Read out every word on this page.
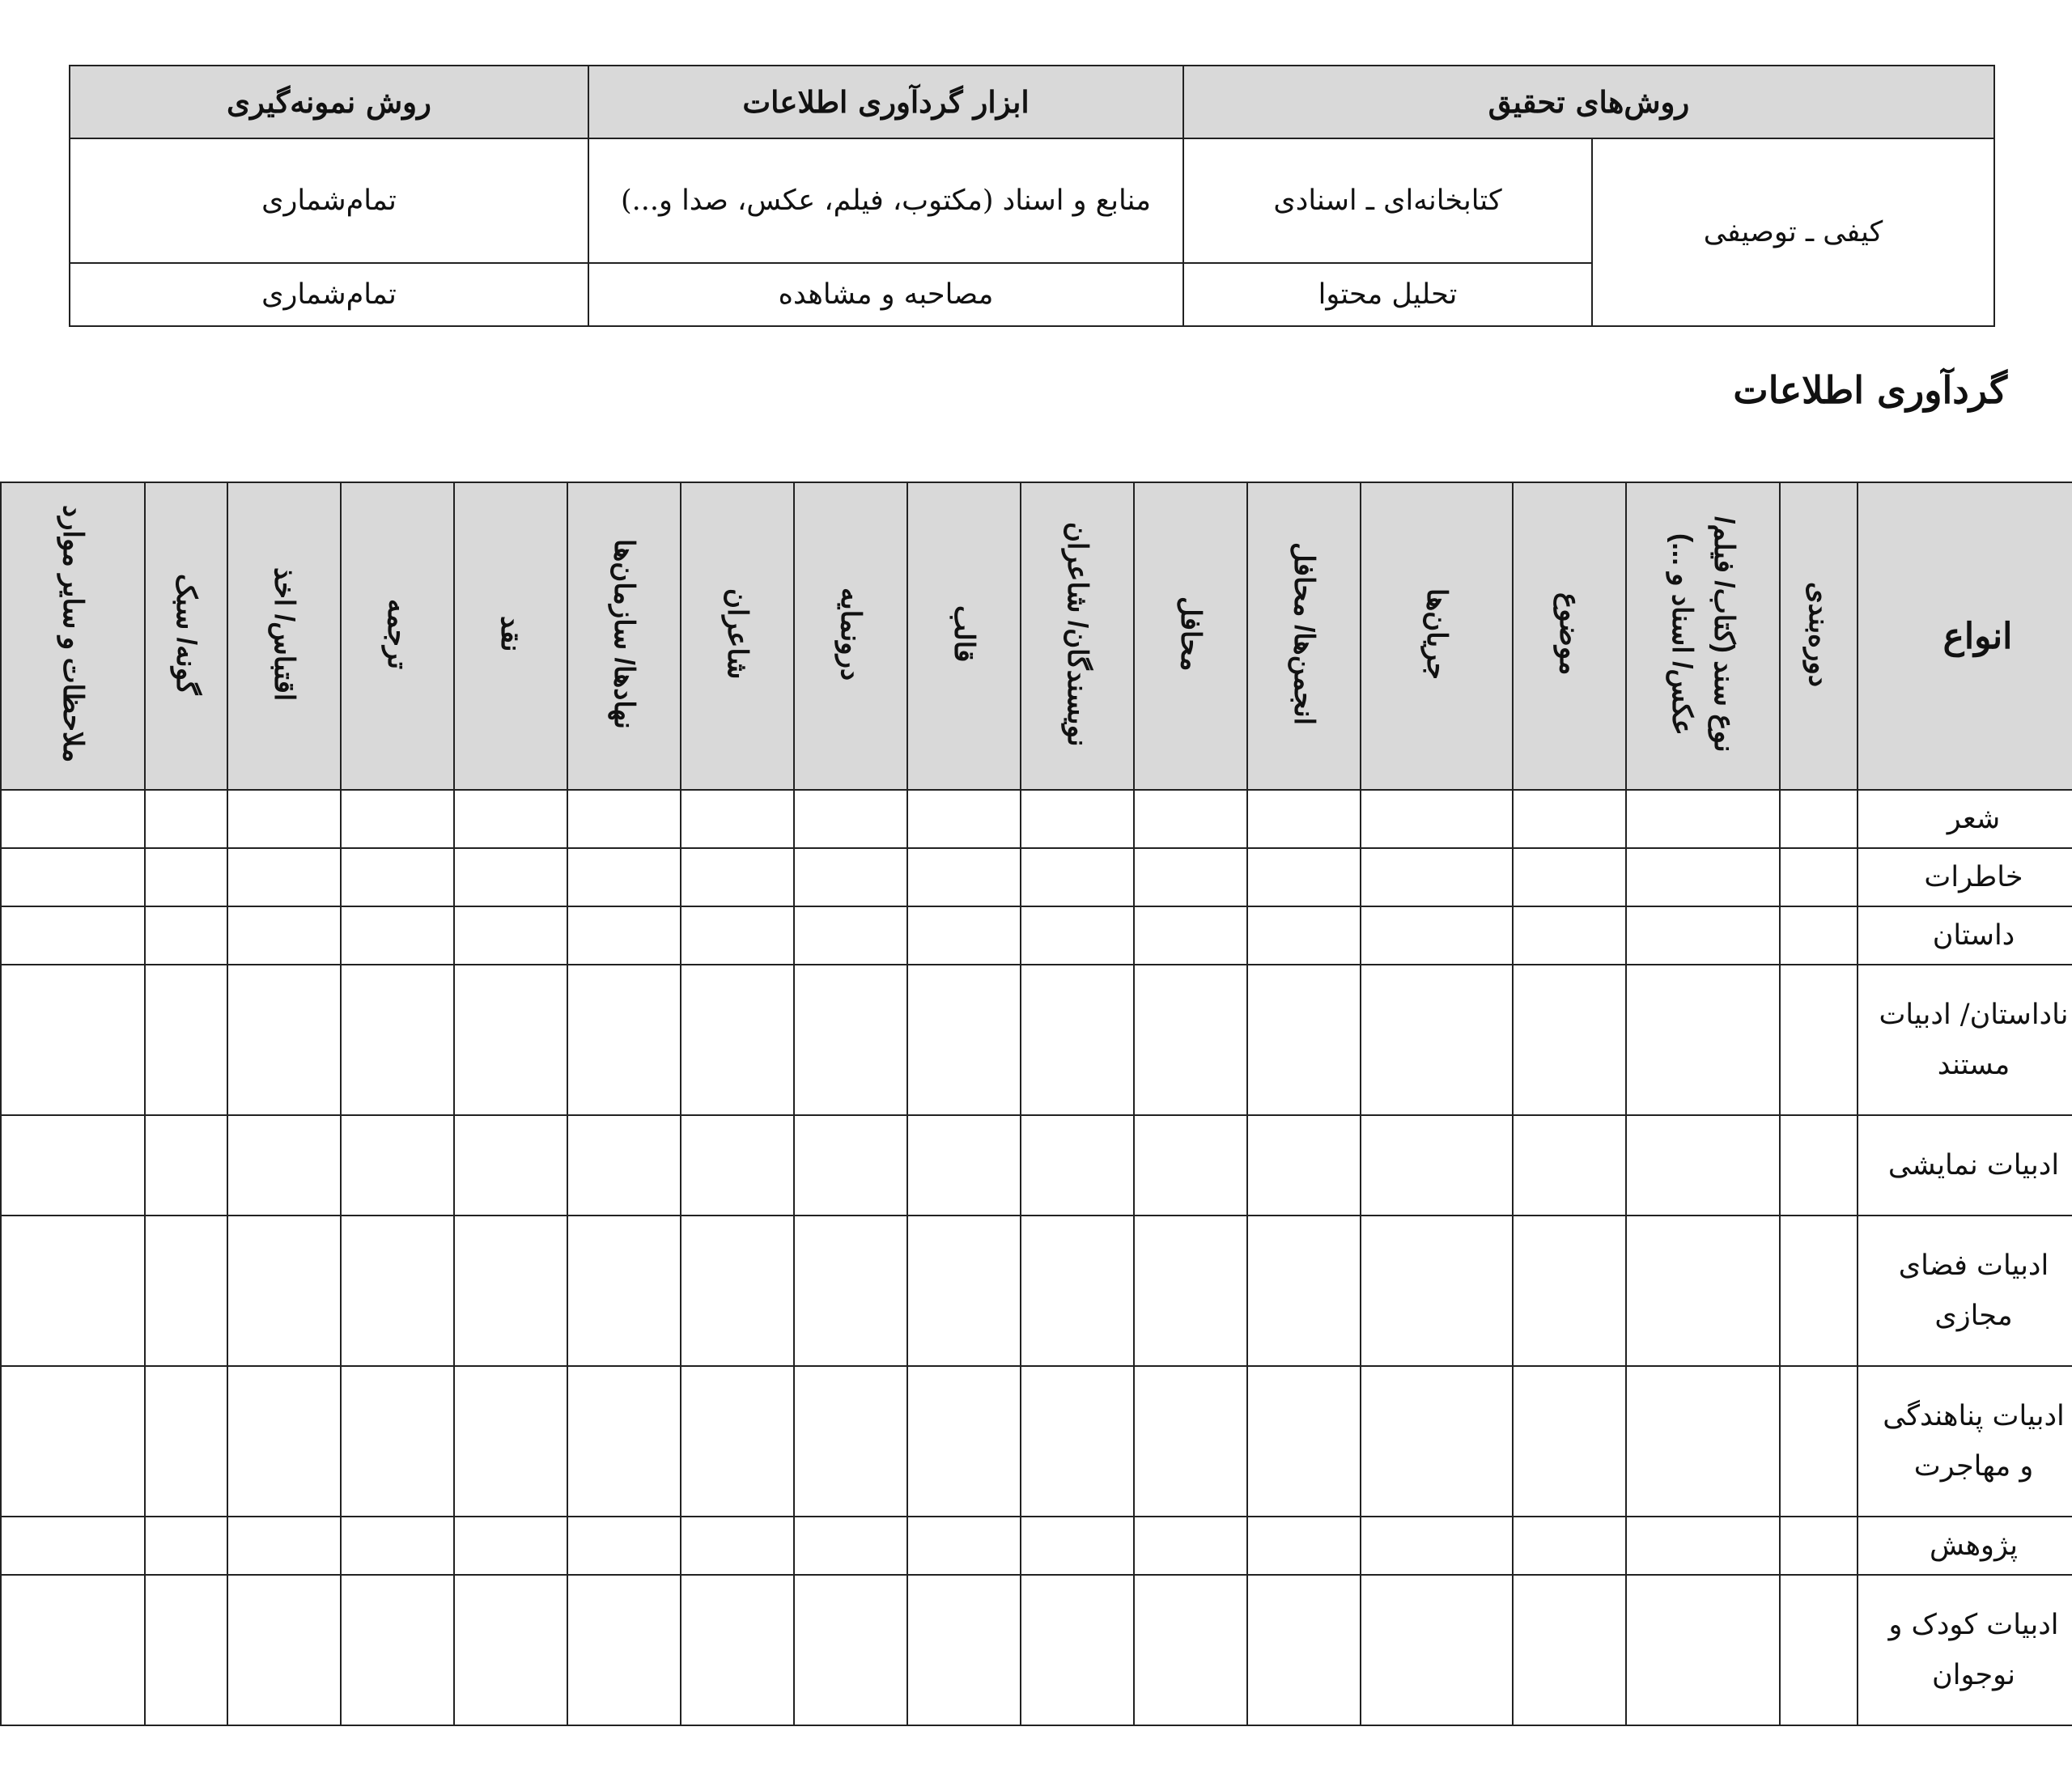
روش‌های تحقیق		ابزار گردآوری اطلاعات	روش نمونه‌گیری
کیفی ـ توصیفی	کتابخانه‌ای ـ اسنادی	منابع و اسناد (مکتوب، فیلم، عکس، صدا و...)	تمام‌شماری
	تحلیل محتوا	مصاحبه و مشاهده	تمام‌شماری
گردآوری اطلاعات
انواع	دوره‌بندی	نوع سند (کتاب/ فیلم/ عکس/ اسناد و ...)	موضوع	جریان‌ها	انجمن‌ها/ محافل	محافل	نویسندگان/ شاعران	قالب	درونمایه	شاعران	نهادها/ سازمان‌ها	نقد	ترجمه	اقتباس/ اخذ	گونه/ سبک	ملاحظات و سایر موارد
شعر																
خاطرات																
داستان																
ناداستان/ ادبیات مستند																
ادبیات نمایشی																
ادبیات فضای مجازی																
ادبیات پناهندگی و مهاجرت																
پژوهش																
ادبیات کودک و نوجوان																
